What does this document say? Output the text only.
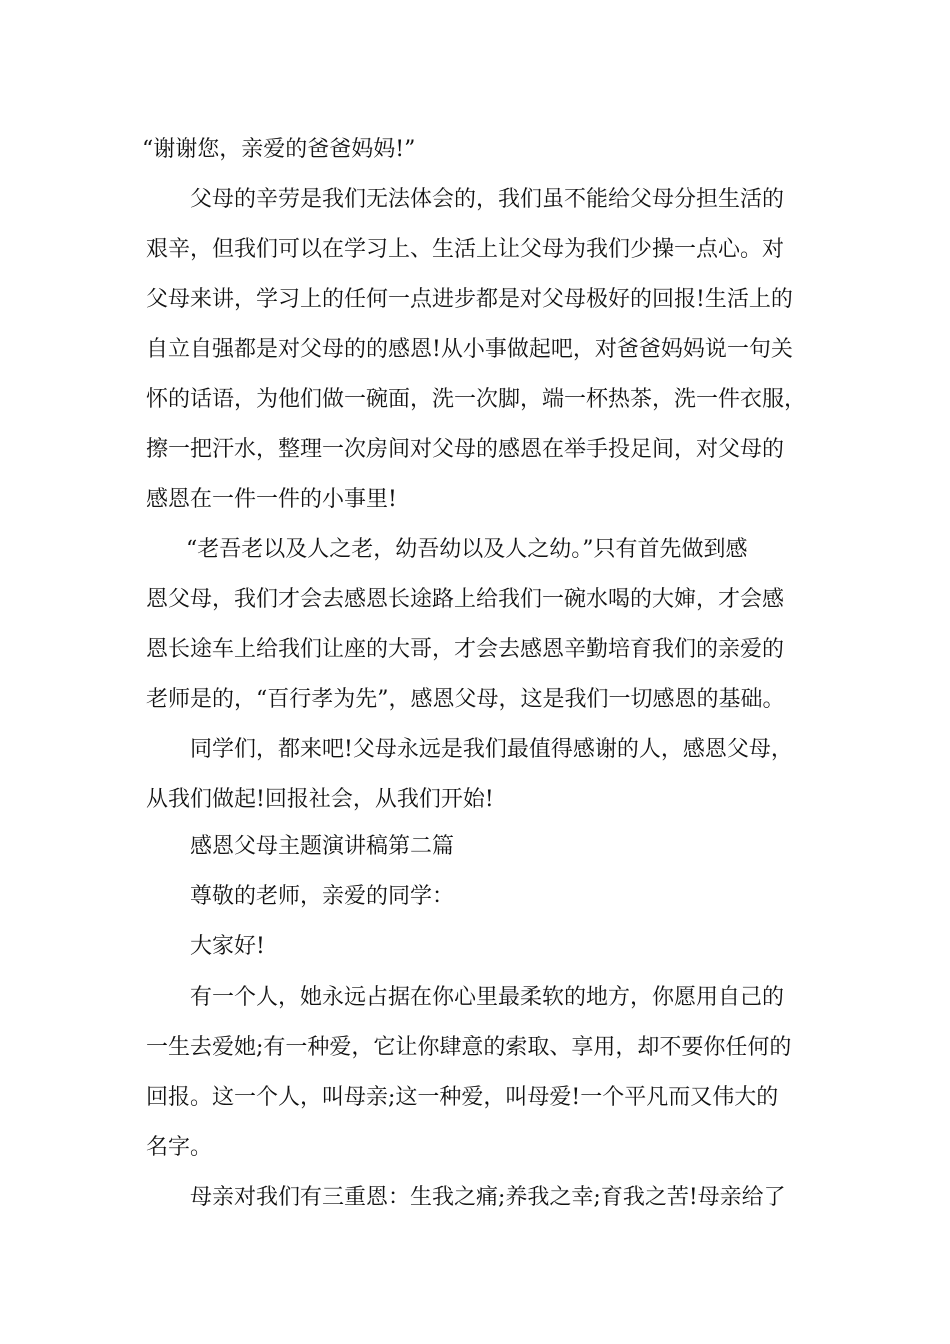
“谢谢您，亲爱的爸爸妈妈!”

父母的辛劳是我们无法体会的，我们虽不能给父母分担生活的

艰辛，但我们可以在学习上、生活上让父母为我们少操一点心。对

父母来讲，学习上的任何一点进步都是对父母极好的回报!生活上的

自立自强都是对父母的的感恩!从小事做起吧，对爸爸妈妈说一句关

怀的话语，为他们做一碗面，洗一次脚，端一杯热茶，洗一件衣服，

擦一把汗水，整理一次房间对父母的感恩在举手投足间，对父母的

感恩在一件一件的小事里!

“老吾老以及人之老，幼吾幼以及人之幼。”只有首先做到感

恩父母，我们才会去感恩长途路上给我们一碗水喝的大婶，才会感

恩长途车上给我们让座的大哥，才会去感恩辛勤培育我们的亲爱的

老师是的，“百行孝为先”，感恩父母，这是我们一切感恩的基础。

同学们，都来吧!父母永远是我们最值得感谢的人，感恩父母，

从我们做起!回报社会，从我们开始!

感恩父母主题演讲稿第二篇

尊敬的老师，亲爱的同学：

大家好!

有一个人，她永远占据在你心里最柔软的地方，你愿用自己的

一生去爱她;有一种爱，它让你肆意的索取、享用，却不要你任何的

回报。这一个人，叫母亲;这一种爱，叫母爱!一个平凡而又伟大的

名字。

母亲对我们有三重恩：生我之痛;养我之幸;育我之苦!母亲给了
